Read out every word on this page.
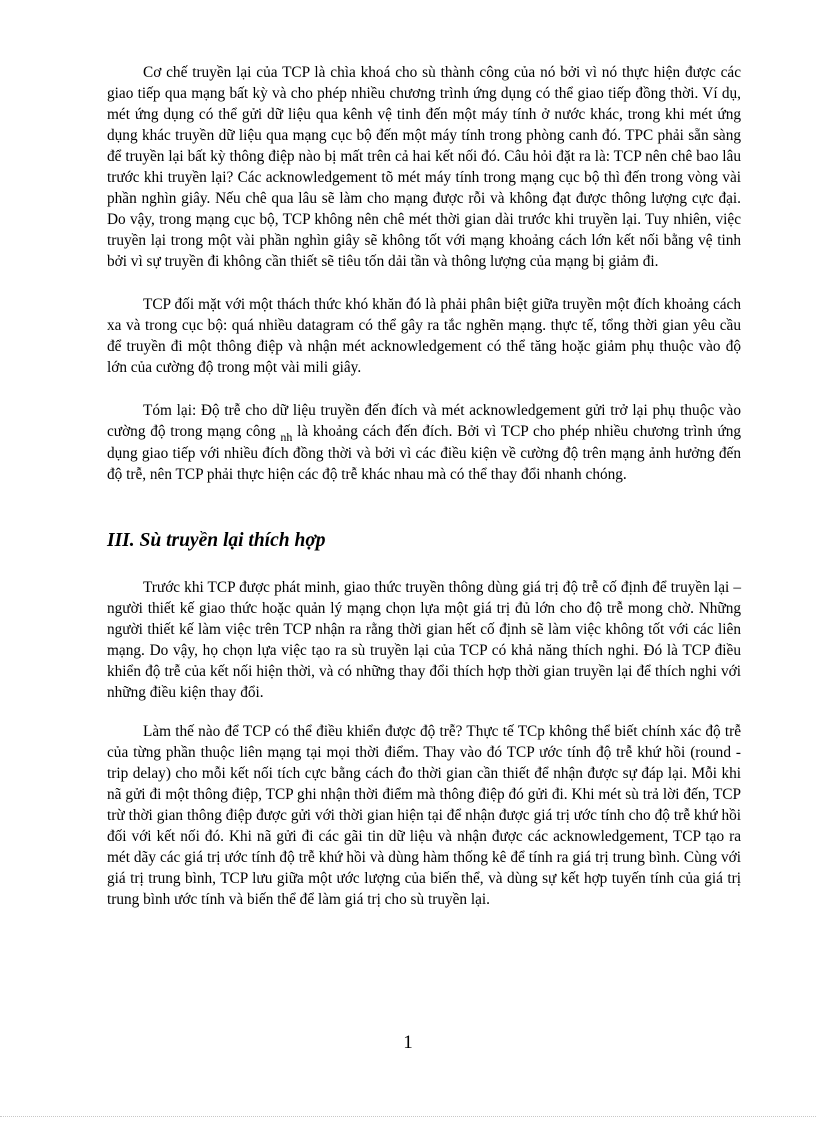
Cơ chế truyền lại của TCP là chìa khoá cho sù thành công của nó bởi vì nó thực hiện được các giao tiếp qua mạng bất kỳ và cho phép nhiều chương trình ứng dụng có thể giao tiếp đồng thời. Ví dụ, mét ứng dụng có thể gửi dữ liệu qua kênh vệ tinh đến một máy tính ở nước khác, trong khi mét ứng dụng khác truyền dữ liệu qua mạng cục bộ đến một máy tính trong phòng canh đó. TPC phải sẵn sàng để truyền lại bất kỳ thông điệp nào bị mất trên cả hai kết nối đó. Câu hỏi đặt ra là: TCP nên chê bao lâu trước khi truyền lại? Các acknowledgement tõ mét máy tính trong mạng cục bộ thì đến trong vòng vài phần nghìn giây. Nếu chê qua lâu sẽ làm cho mạng được rỗi và không đạt được thông lượng cực đại. Do vậy, trong mạng cục bộ, TCP không nên chê mét thời gian dài trước khi truyền lại. Tuy nhiên, việc truyền lại trong một vài phần nghìn giây sẽ không tốt với mạng khoảng cách lớn kết nối bằng vệ tinh bởi vì sự truyền đi không cần thiết sẽ tiêu tốn dải tần và thông lượng của mạng bị giảm đi.

TCP đối mặt với một thách thức khó khăn đó là phải phân biệt giữa truyền một đích khoảng cách xa và trong cục bộ: quá nhiều datagram có thể gây ra tắc nghẽn mạng. thực tế, tổng thời gian yêu cầu để truyền đi một thông điệp và nhận mét acknowledgement có thể tăng hoặc giảm phụ thuộc vào độ lớn của cường độ trong một vài mili giây.

Tóm lại: Độ trễ cho dữ liệu truyền đến đích và mét acknowledgement gửi trở lại phụ thuộc vào cường độ trong mạng công $_{nh}$ là khoảng cách đến đích. Bởi vì TCP cho phép nhiều chương trình ứng dụng giao tiếp với nhiều đích đồng thời và bởi vì các điều kiện về cường độ trên mạng ảnh hưởng đến độ trễ, nên TCP phải thực hiện các độ trễ khác nhau mà có thể thay đổi nhanh chóng.

III. Sù truyền lại thích hợp

Trước khi TCP được phát minh, giao thức truyền thông dùng giá trị độ trễ cố định để truyền lại – người thiết kế giao thức hoặc quản lý mạng chọn lựa một giá trị đủ lớn cho độ trễ mong chờ. Những người thiết kế làm việc trên TCP nhận ra rằng thời gian hết cố định sẽ làm việc không tốt với các liên mạng. Do vậy, họ chọn lựa việc tạo ra sù truyền lại của TCP có khả năng thích nghi. Đó là TCP điều khiển độ trễ của kết nối hiện thời, và có những thay đổi thích hợp thời gian truyền lại để thích nghi với những điều kiện thay đổi.

Làm thế nào để TCP có thể điều khiển được độ trễ? Thực tế TCp không thể biết chính xác độ trễ của từng phần thuộc liên mạng tại mọi thời điểm. Thay vào đó TCP ước tính độ trễ khứ hồi (round - trip delay) cho mỗi kết nối tích cực bằng cách đo thời gian cần thiết để nhận được sự đáp lại. Mỗi khi nã gửi đi một thông điệp, TCP ghi nhận thời điểm mà thông điệp đó gửi đi. Khi mét sù trả lời đến, TCP trừ thời gian thông điệp được gửi với thời gian hiện tại để nhận được giá trị ước tính cho độ trễ khứ hồi đối với kết nối đó. Khi nã gửi đi các gãi tin dữ liệu và nhận được các acknowledgement, TCP tạo ra mét dãy các giá trị ước tính độ trễ khứ hồi và dùng hàm thống kê để tính ra giá trị trung bình. Cùng với giá trị trung bình, TCP lưu giữa một ước lượng của biến thể, và dùng sự kết hợp tuyến tính của giá trị trung bình ước tính và biến thể để làm giá trị cho sù truyền lại.

1
